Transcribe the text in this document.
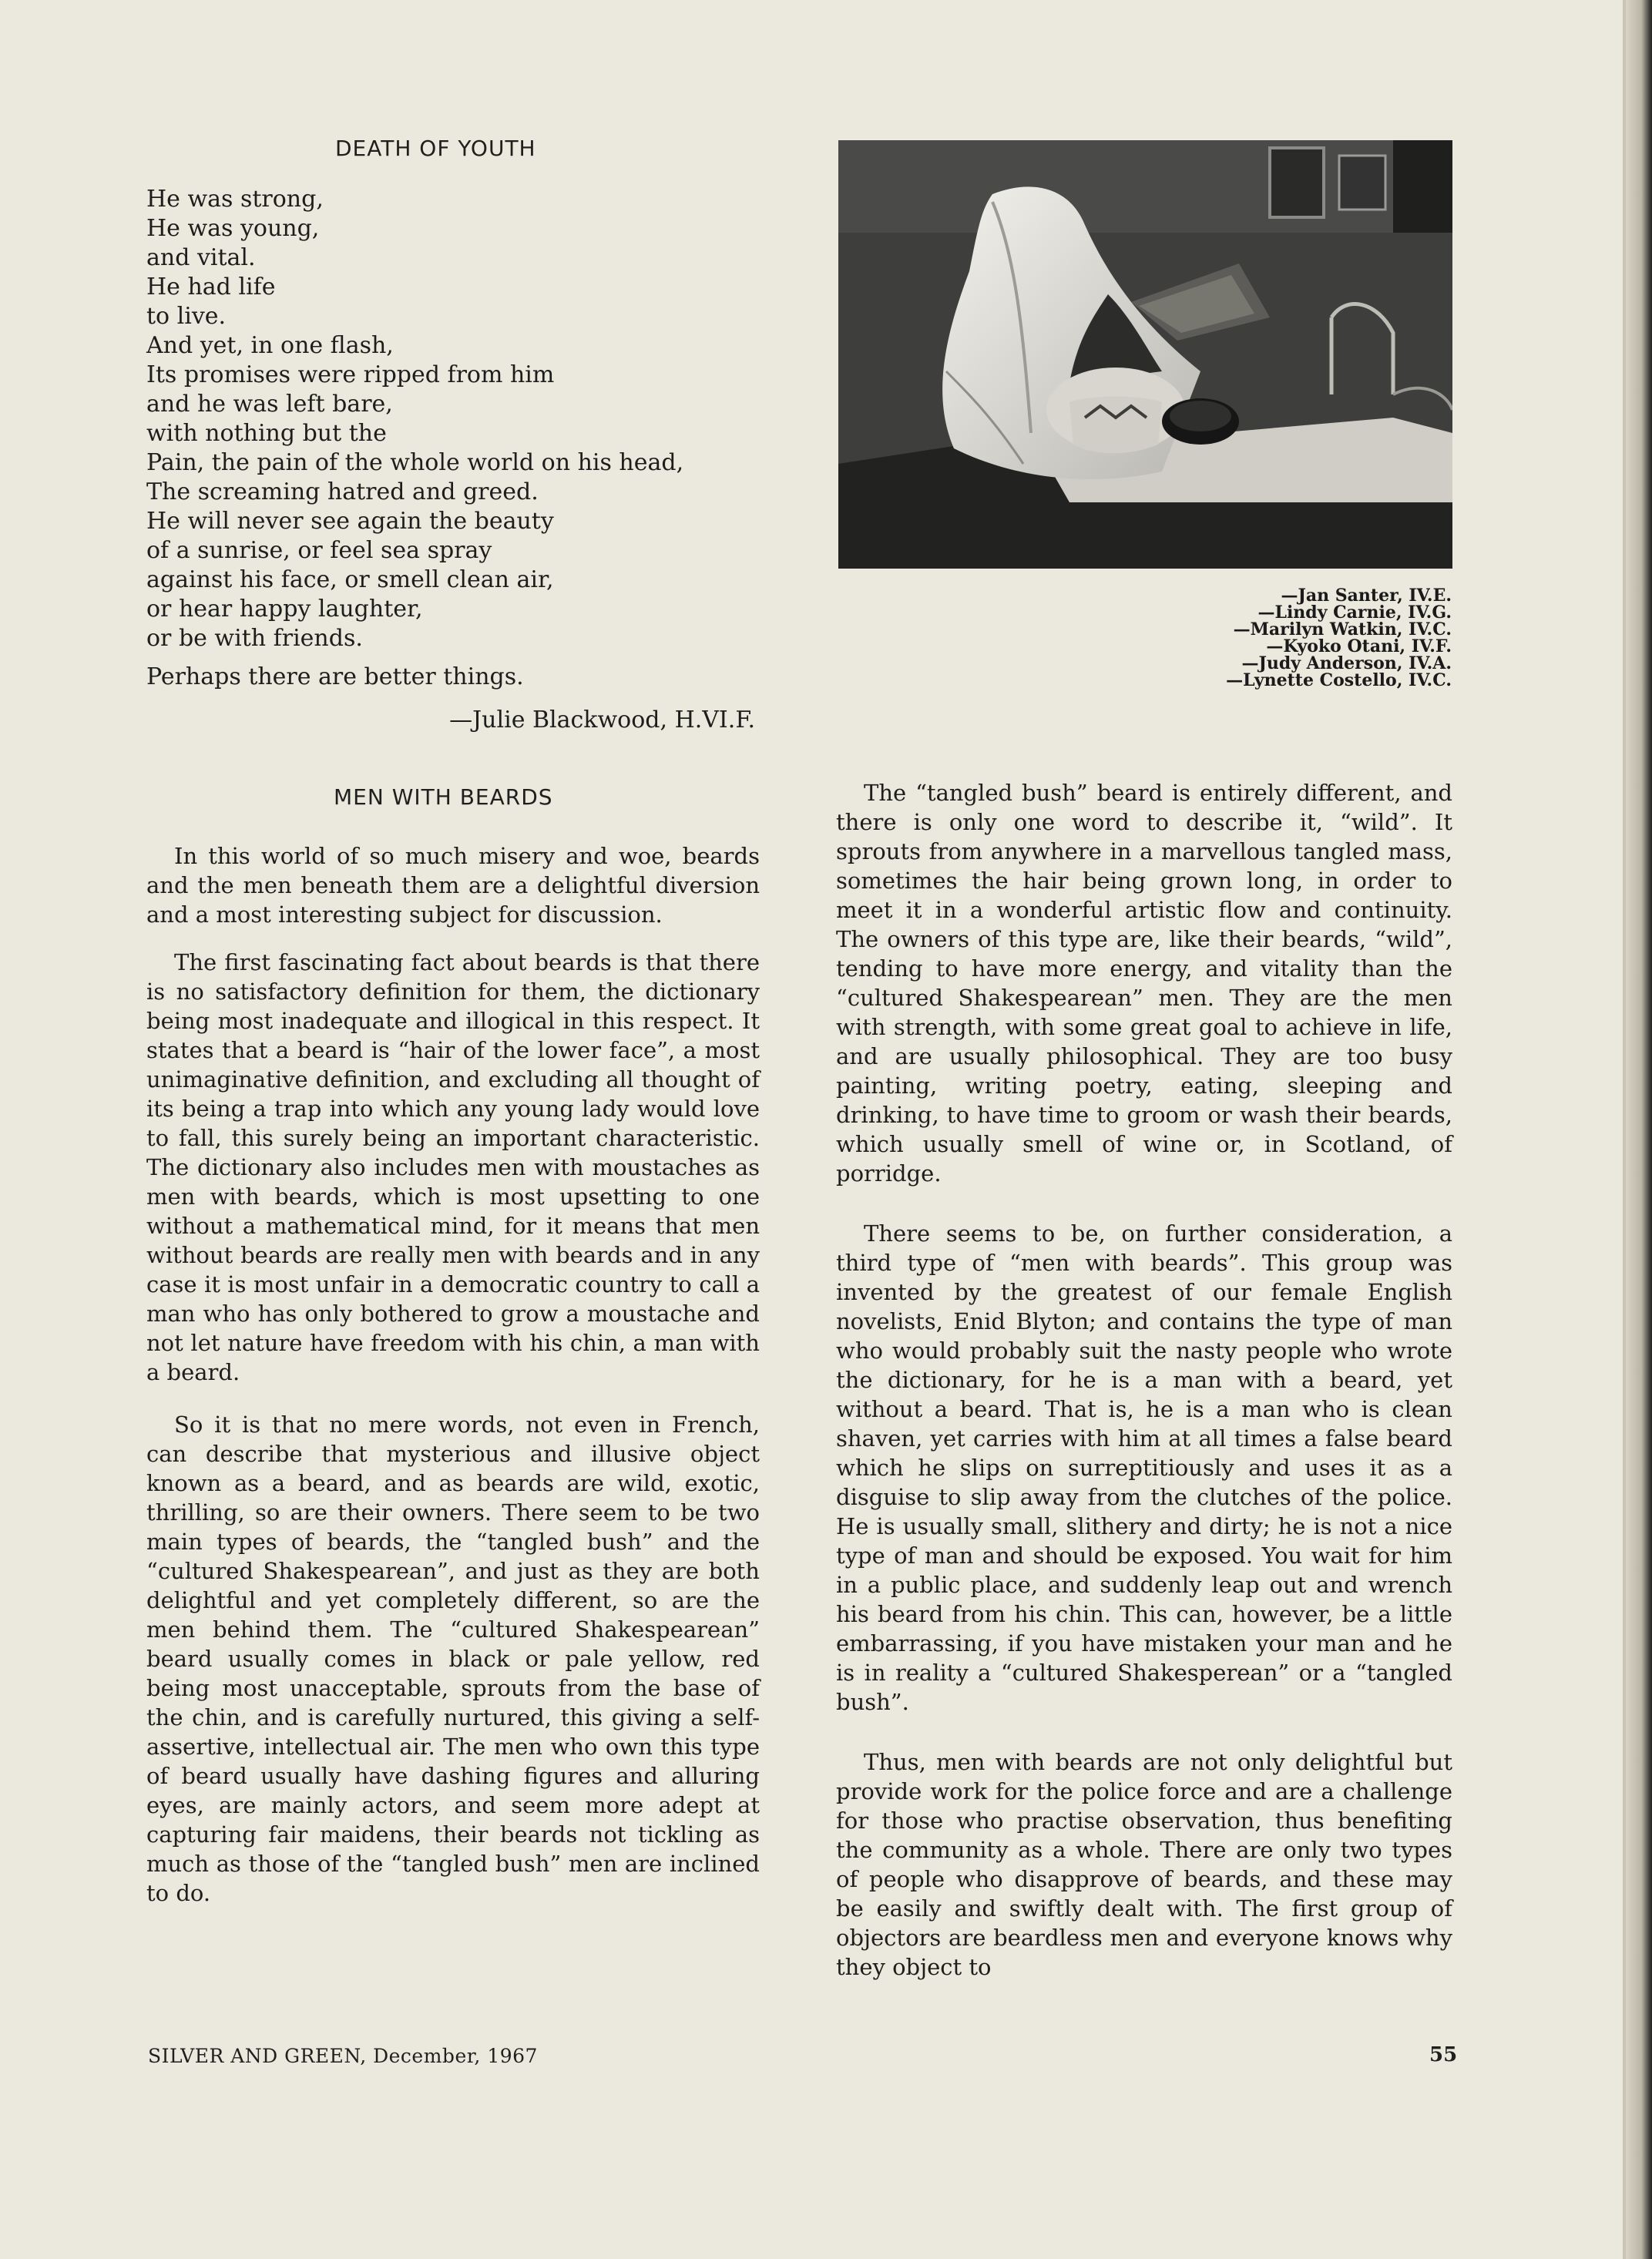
DEATH OF YOUTH
He was strong,
He was young,
and vital.
He had life
to live.
And yet, in one flash,
Its promises were ripped from him
and he was left bare,
with nothing but the
Pain, the pain of the whole world on his head,
The screaming hatred and greed.
He will never see again the beauty
of a sunrise, or feel sea spray
against his face, or smell clean air,
or hear happy laughter,
or be with friends.
Perhaps there are better things.
—Julie Blackwood, H.VI.F.
—Jan Santer, IV.E.
—Lindy Carnie, IV.G.
—Marilyn Watkin, IV.C.
—Kyoko Otani, IV.F.
—Judy Anderson, IV.A.
—Lynette Costello, IV.C.
MEN WITH BEARDS

In this world of so much misery and woe, beards and the men beneath them are a delightful diversion and a most interesting subject for discussion.

The first fascinating fact about beards is that there is no satisfactory definition for them, the dictionary being most inadequate and illogical in this respect. It states that a beard is “hair of the lower face”, a most unimaginative definition, and excluding all thought of its being a trap into which any young lady would love to fall, this surely being an important characteristic. The dictionary also includes men with moustaches as men with beards, which is most upsetting to one without a mathematical mind, for it means that men without beards are really men with beards and in any case it is most unfair in a democratic country to call a man who has only bothered to grow a moustache and not let nature have freedom with his chin, a man with a beard.

So it is that no mere words, not even in French, can describe that mysterious and illusive object known as a beard, and as beards are wild, exotic, thrilling, so are their owners. There seem to be two main types of beards, the “tangled bush” and the “cultured Shakespearean”, and just as they are both delightful and yet completely different, so are the men behind them. The “cultured Shakespearean” beard usually comes in black or pale yellow, red being most unacceptable, sprouts from the base of the chin, and is carefully nurtured, this giving a self-assertive, intellectual air. The men who own this type of beard usually have dashing figures and alluring eyes, are mainly actors, and seem more adept at capturing fair maidens, their beards not tickling as much as those of the “tangled bush” men are inclined to do.

The “tangled bush” beard is entirely different, and there is only one word to describe it, “wild”. It sprouts from anywhere in a marvellous tangled mass, sometimes the hair being grown long, in order to meet it in a wonderful artistic flow and continuity. The owners of this type are, like their beards, “wild”, tending to have more energy, and vitality than the “cultured Shakespearean” men. They are the men with strength, with some great goal to achieve in life, and are usually philosophical. They are too busy painting, writing poetry, eating, sleeping and drinking, to have time to groom or wash their beards, which usually smell of wine or, in Scotland, of porridge.

There seems to be, on further consideration, a third type of “men with beards”. This group was invented by the greatest of our female English novelists, Enid Blyton; and contains the type of man who would probably suit the nasty people who wrote the dictionary, for he is a man with a beard, yet without a beard. That is, he is a man who is clean shaven, yet carries with him at all times a false beard which he slips on surreptitiously and uses it as a disguise to slip away from the clutches of the police. He is usually small, slithery and dirty; he is not a nice type of man and should be exposed. You wait for him in a public place, and suddenly leap out and wrench his beard from his chin. This can, however, be a little embarrassing, if you have mistaken your man and he is in reality a “cultured Shakesperean” or a “tangled bush”.

Thus, men with beards are not only delightful but provide work for the police force and are a challenge for those who practise observation, thus benefiting the community as a whole. There are only two types of people who disapprove of beards, and these may be easily and swiftly dealt with. The first group of objectors are beardless men and everyone knows why they object to

SILVER AND GREEN, December, 1967	55
